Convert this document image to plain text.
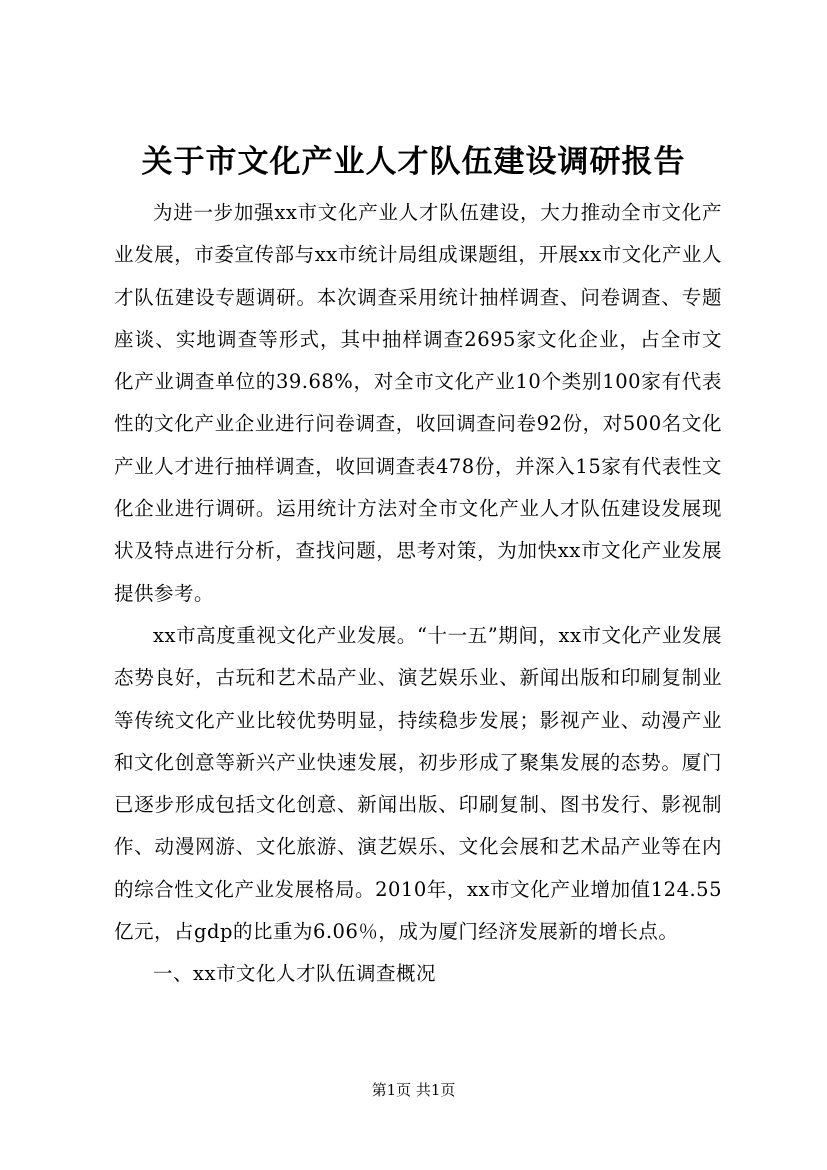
关于市文化产业人才队伍建设调研报告

为进一步加强xx市文化产业人才队伍建设，大力推动全市文化产业发展，市委宣传部与xx市统计局组成课题组，开展xx市文化产业人才队伍建设专题调研。本次调查采用统计抽样调查、问卷调查、专题座谈、实地调查等形式，其中抽样调查2695家文化企业，占全市文化产业调查单位的39.68%，对全市文化产业10个类别100家有代表性的文化产业企业进行问卷调查，收回调查问卷92份，对500名文化产业人才进行抽样调查，收回调查表478份，并深入15家有代表性文化企业进行调研。运用统计方法对全市文化产业人才队伍建设发展现状及特点进行分析，查找问题，思考对策，为加快xx市文化产业发展提供参考。

xx市高度重视文化产业发展。“十一五”期间，xx市文化产业发展态势良好，古玩和艺术品产业、演艺娱乐业、新闻出版和印刷复制业等传统文化产业比较优势明显，持续稳步发展；影视产业、动漫产业和文化创意等新兴产业快速发展，初步形成了聚集发展的态势。厦门已逐步形成包括文化创意、新闻出版、印刷复制、图书发行、影视制作、动漫网游、文化旅游、演艺娱乐、文化会展和艺术品产业等在内的综合性文化产业发展格局。2010年，xx市文化产业增加值124.55亿元，占gdp的比重为6.06％，成为厦门经济发展新的增长点。

一、xx市文化人才队伍调查概况

第1页 共1页
